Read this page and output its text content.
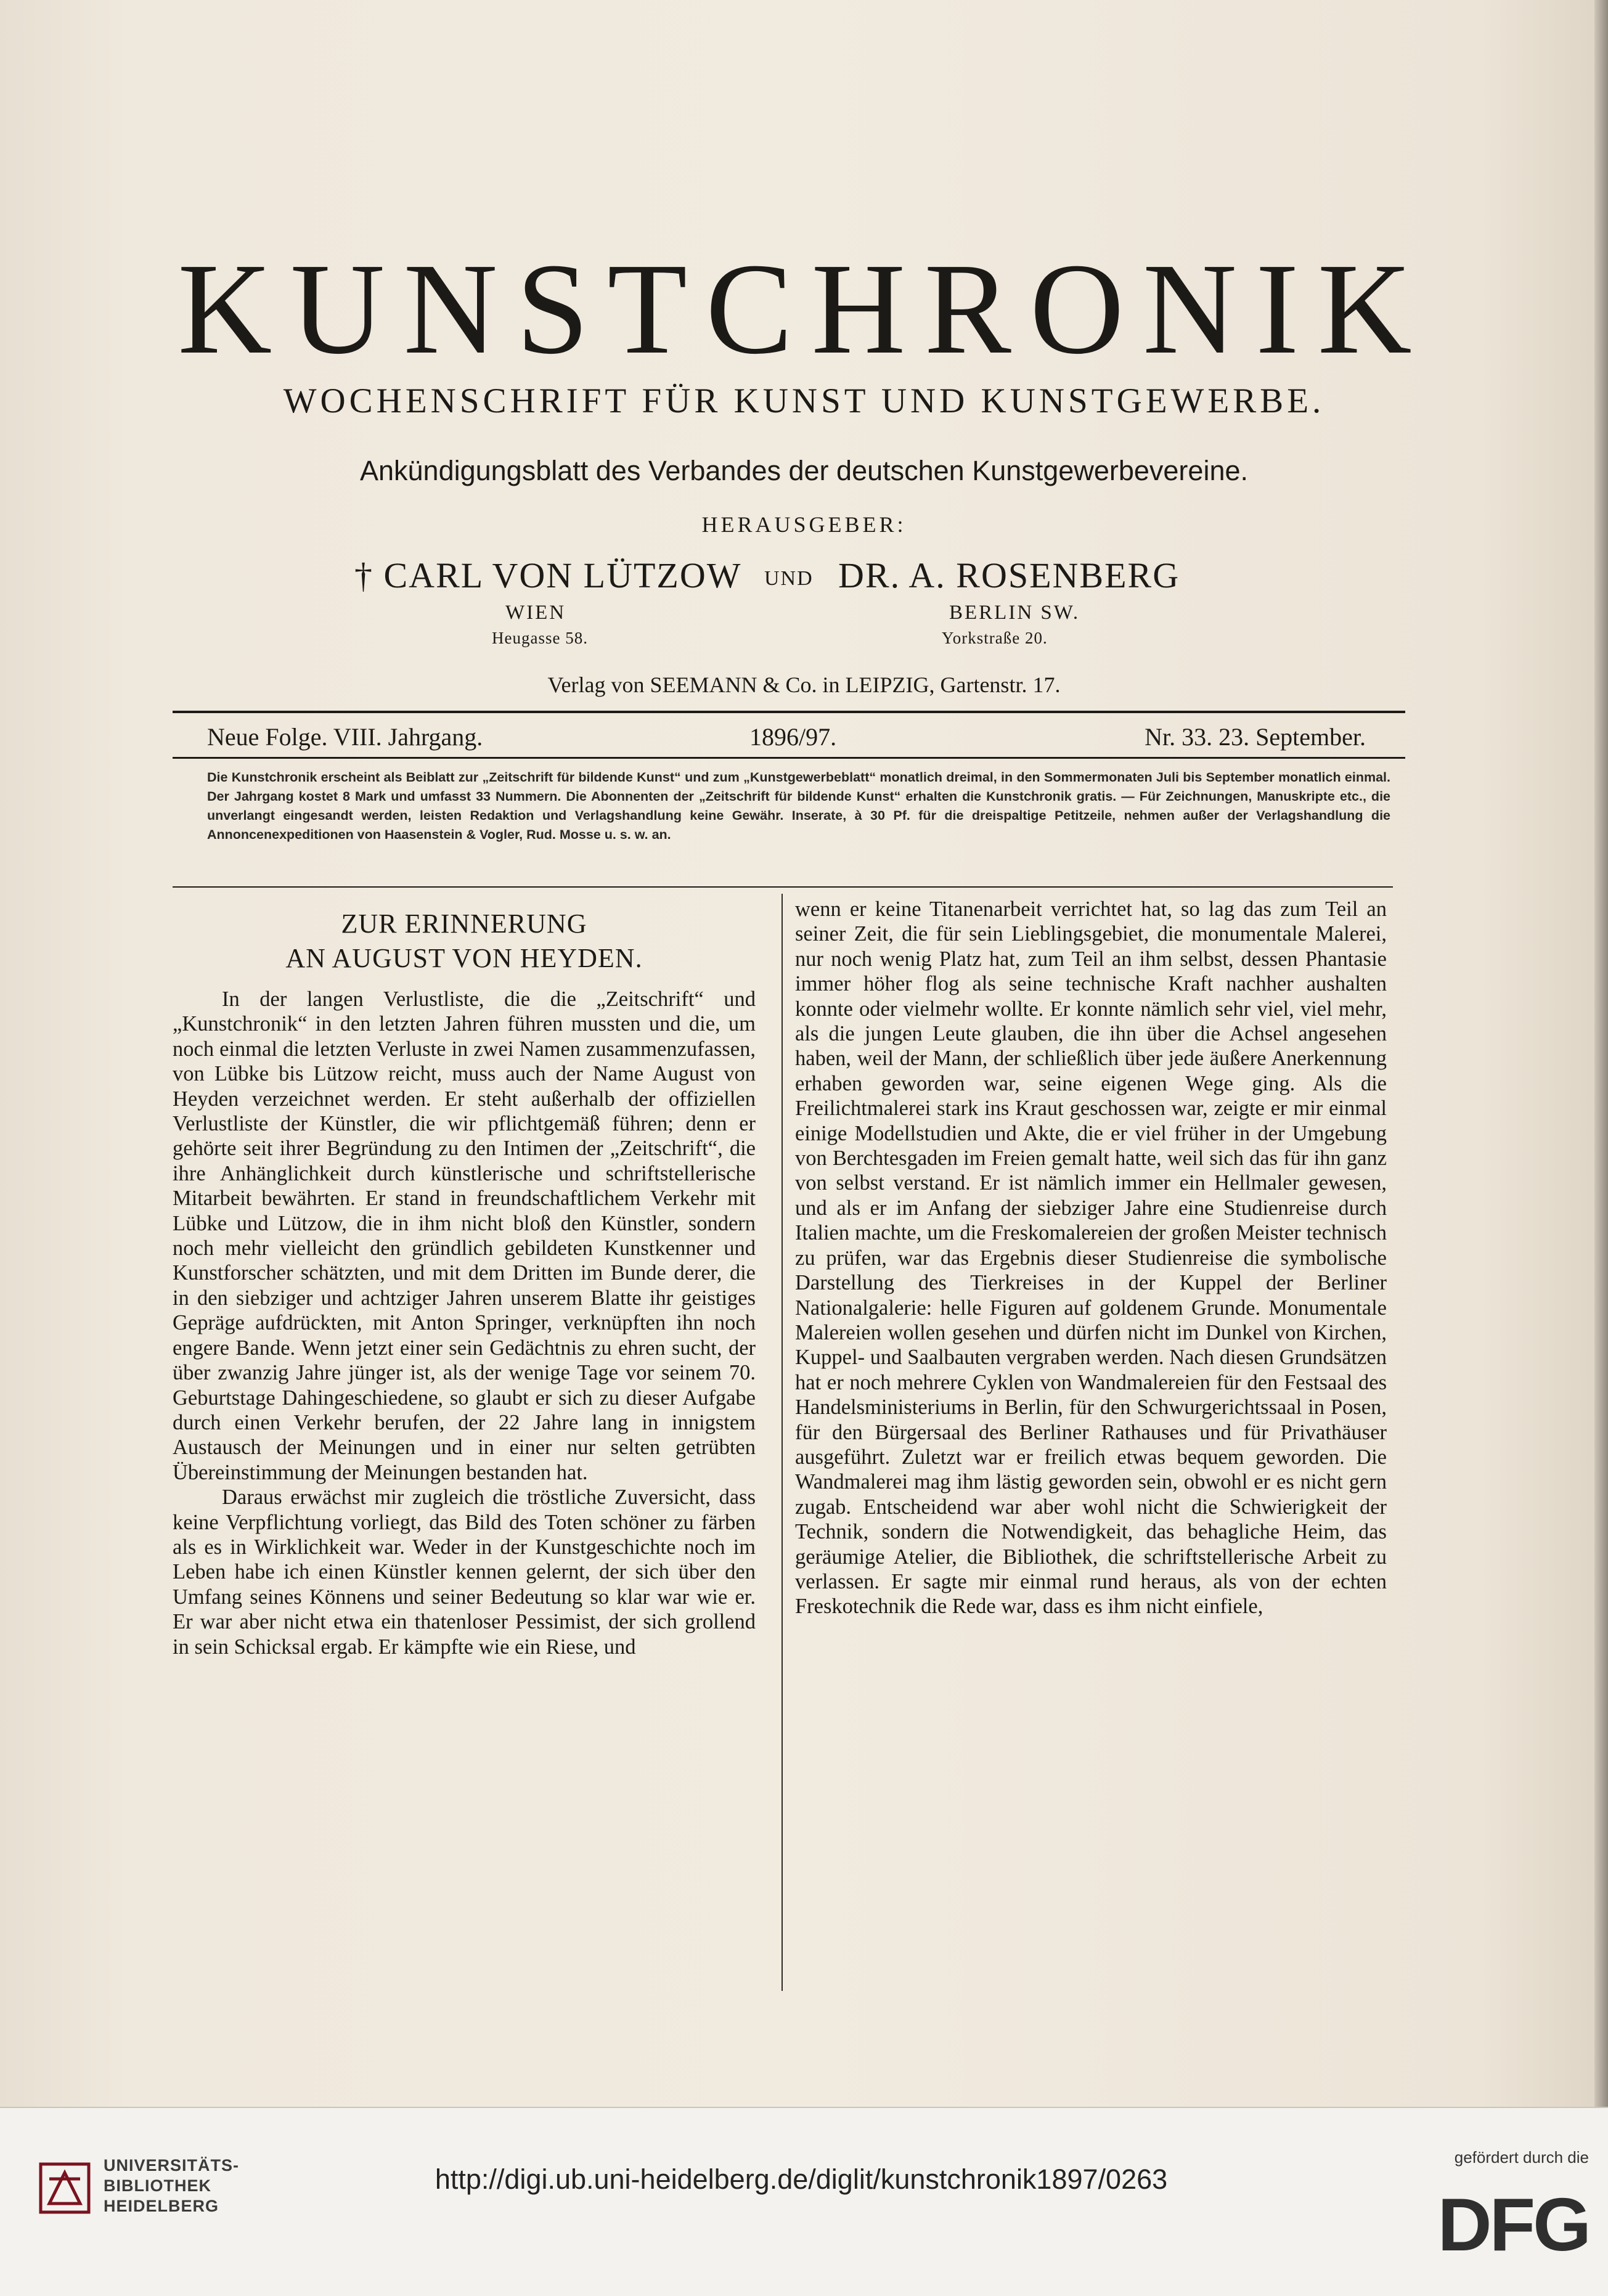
KUNSTCHRONIK
WOCHENSCHRIFT FÜR KUNST UND KUNSTGEWERBE.
Ankündigungsblatt des Verbandes der deutschen Kunstgewerbevereine.
HERAUSGEBER:
† CARL VON LÜTZOW UND DR. A. ROSENBERG
WIEN
Heugasse 58.
BERLIN SW.
Yorkstraße 20.
Verlag von SEEMANN & Co. in LEIPZIG, Gartenstr. 17.
Neue Folge. VIII. Jahrgang.	1896/97.	Nr. 33. 23. September.

Die Kunstchronik erscheint als Beiblatt zur „Zeitschrift für bildende Kunst“ und zum „Kunstgewerbeblatt“ monatlich dreimal, in den Sommermonaten Juli bis September monatlich einmal. Der Jahrgang kostet 8 Mark und umfasst 33 Nummern. Die Abonnenten der „Zeitschrift für bildende Kunst“ erhalten die Kunstchronik gratis. — Für Zeichnungen, Manuskripte etc., die unverlangt eingesandt werden, leisten Redaktion und Verlagshandlung keine Gewähr. Inserate, à 30 Pf. für die dreispaltige Petitzeile, nehmen außer der Verlagshandlung die Annoncenexpeditionen von Haasenstein & Vogler, Rud. Mosse u. s. w. an.

ZUR ERINNERUNG
AN AUGUST VON HEYDEN.

In der langen Verlustliste, die die „Zeitschrift“ und „Kunstchronik“ in den letzten Jahren führen mussten und die, um noch einmal die letzten Verluste in zwei Namen zusammenzufassen, von Lübke bis Lützow reicht, muss auch der Name August von Heyden verzeichnet werden. Er steht außerhalb der offiziellen Verlustliste der Künstler, die wir pflichtgemäß führen; denn er gehörte seit ihrer Begründung zu den Intimen der „Zeitschrift“, die ihre Anhänglichkeit durch künstlerische und schriftstellerische Mitarbeit bewährten. Er stand in freundschaftlichem Verkehr mit Lübke und Lützow, die in ihm nicht bloß den Künstler, sondern noch mehr vielleicht den gründlich gebildeten Kunstkenner und Kunstforscher schätzten, und mit dem Dritten im Bunde derer, die in den siebziger und achtziger Jahren unserem Blatte ihr geistiges Gepräge aufdrückten, mit Anton Springer, verknüpften ihn noch engere Bande. Wenn jetzt einer sein Gedächtnis zu ehren sucht, der über zwanzig Jahre jünger ist, als der wenige Tage vor seinem 70. Geburtstage Dahingeschiedene, so glaubt er sich zu dieser Aufgabe durch einen Verkehr berufen, der 22 Jahre lang in innigstem Austausch der Meinungen und in einer nur selten getrübten Übereinstimmung der Meinungen bestanden hat.

Daraus erwächst mir zugleich die tröstliche Zuversicht, dass keine Verpflichtung vorliegt, das Bild des Toten schöner zu färben als es in Wirklichkeit war. Weder in der Kunstgeschichte noch im Leben habe ich einen Künstler kennen gelernt, der sich über den Umfang seines Könnens und seiner Bedeutung so klar war wie er. Er war aber nicht etwa ein thatenloser Pessimist, der sich grollend in sein Schicksal ergab. Er kämpfte wie ein Riese, und

wenn er keine Titanenarbeit verrichtet hat, so lag das zum Teil an seiner Zeit, die für sein Lieblingsgebiet, die monumentale Malerei, nur noch wenig Platz hat, zum Teil an ihm selbst, dessen Phantasie immer höher flog als seine technische Kraft nachher aushalten konnte oder vielmehr wollte. Er konnte nämlich sehr viel, viel mehr, als die jungen Leute glauben, die ihn über die Achsel angesehen haben, weil der Mann, der schließlich über jede äußere Anerkennung erhaben geworden war, seine eigenen Wege ging. Als die Freilichtmalerei stark ins Kraut geschossen war, zeigte er mir einmal einige Modellstudien und Akte, die er viel früher in der Umgebung von Berchtesgaden im Freien gemalt hatte, weil sich das für ihn ganz von selbst verstand. Er ist nämlich immer ein Hellmaler gewesen, und als er im Anfang der siebziger Jahre eine Studienreise durch Italien machte, um die Freskomalereien der großen Meister technisch zu prüfen, war das Ergebnis dieser Studienreise die symbolische Darstellung des Tierkreises in der Kuppel der Berliner Nationalgalerie: helle Figuren auf goldenem Grunde. Monumentale Malereien wollen gesehen und dürfen nicht im Dunkel von Kirchen, Kuppel- und Saalbauten vergraben werden. Nach diesen Grundsätzen hat er noch mehrere Cyklen von Wandmalereien für den Festsaal des Handelsministeriums in Berlin, für den Schwurgerichtssaal in Posen, für den Bürgersaal des Berliner Rathauses und für Privathäuser ausgeführt. Zuletzt war er freilich etwas bequem geworden. Die Wandmalerei mag ihm lästig geworden sein, obwohl er es nicht gern zugab. Entscheidend war aber wohl nicht die Schwierigkeit der Technik, sondern die Notwendigkeit, das behagliche Heim, das geräumige Atelier, die Bibliothek, die schriftstellerische Arbeit zu verlassen. Er sagte mir einmal rund heraus, als von der echten Freskotechnik die Rede war, dass es ihm nicht einfiele,

UNIVERSITÄTS-
BIBLIOTHEK
HEIDELBERG
http://digi.ub.uni-heidelberg.de/diglit/kunstchronik1897/0263
gefördert durch die
DFG
